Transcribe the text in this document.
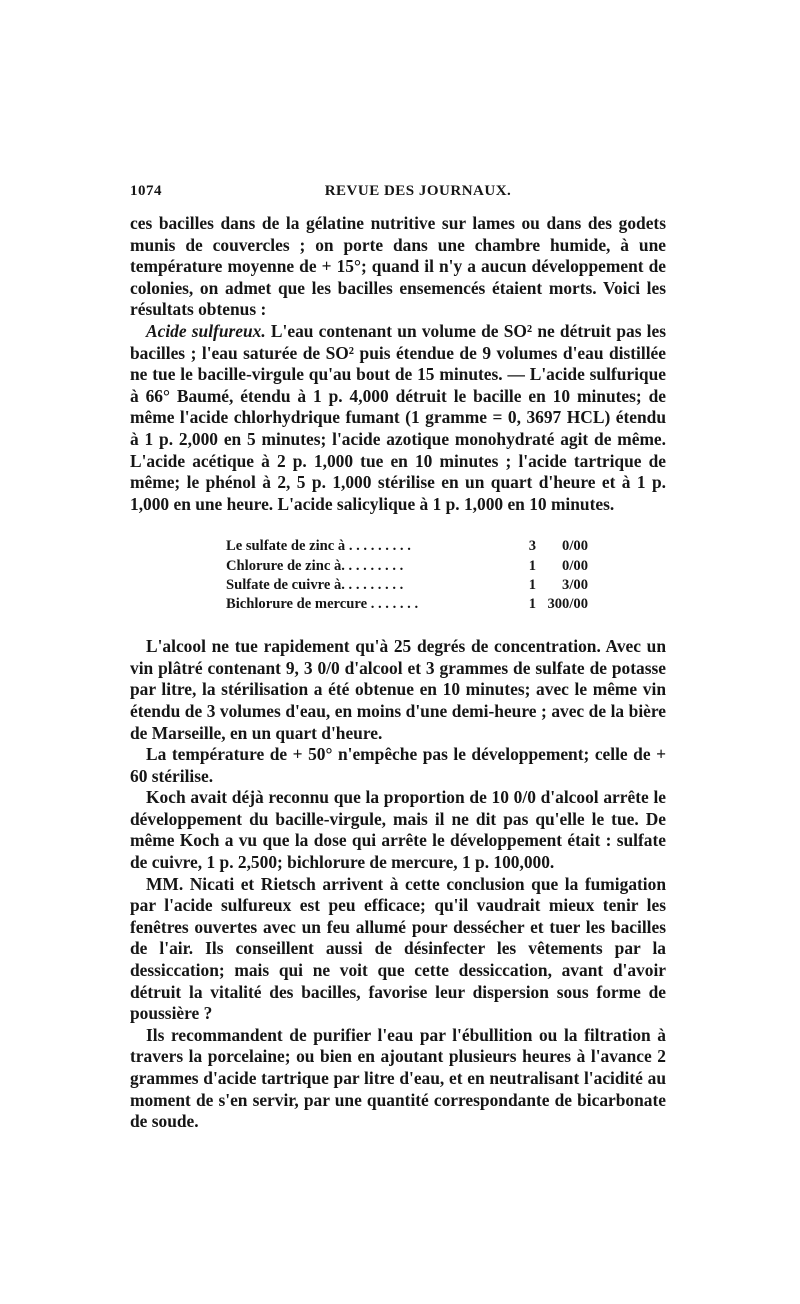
1074	REVUE DES JOURNAUX.

ces bacilles dans de la gélatine nutritive sur lames ou dans des godets munis de couvercles ; on porte dans une chambre humide, à une température moyenne de + 15°; quand il n'y a aucun développement de colonies, on admet que les bacilles ensemencés étaient morts. Voici les résultats obtenus :

Acide sulfureux. L'eau contenant un volume de SO² ne détruit pas les bacilles ; l'eau saturée de SO² puis étendue de 9 volumes d'eau distillée ne tue le bacille-virgule qu'au bout de 15 minutes. — L'acide sulfurique à 66° Baumé, étendu à 1 p. 4,000 détruit le bacille en 10 minutes; de même l'acide chlorhydrique fumant (1 gramme = 0, 3697 HCL) étendu à 1 p. 2,000 en 5 minutes; l'acide azotique monohydraté agit de même. L'acide acétique à 2 p. 1,000 tue en 10 minutes ; l'acide tartrique de même; le phénol à 2, 5 p. 1,000 stérilise en un quart d'heure et à 1 p. 1,000 en une heure. L'acide salicylique à 1 p. 1,000 en 10 minutes.

Le sulfate de zinc à . . . . . . . . .	3	0/00
Chlorure de zinc à. . . . . . . . .	1	0/00
Sulfate de cuivre à. . . . . . . . .	1	3/00
Bichlorure de mercure . . . . . . .	1 300/00

L'alcool ne tue rapidement qu'à 25 degrés de concentration. Avec un vin plâtré contenant 9, 3 0/0 d'alcool et 3 grammes de sulfate de potasse par litre, la stérilisation a été obtenue en 10 minutes; avec le même vin étendu de 3 volumes d'eau, en moins d'une demi-heure ; avec de la bière de Marseille, en un quart d'heure.

La température de + 50° n'empêche pas le développement; celle de + 60 stérilise.

Koch avait déjà reconnu que la proportion de 10 0/0 d'alcool arrête le développement du bacille-virgule, mais il ne dit pas qu'elle le tue. De même Koch a vu que la dose qui arrête le développement était : sulfate de cuivre, 1 p. 2,500; bichlorure de mercure, 1 p. 100,000.

MM. Nicati et Rietsch arrivent à cette conclusion que la fumigation par l'acide sulfureux est peu efficace; qu'il vaudrait mieux tenir les fenêtres ouvertes avec un feu allumé pour dessécher et tuer les bacilles de l'air. Ils conseillent aussi de désinfecter les vêtements par la dessiccation; mais qui ne voit que cette dessiccation, avant d'avoir détruit la vitalité des bacilles, favorise leur dispersion sous forme de poussière ?

Ils recommandent de purifier l'eau par l'ébullition ou la filtration à travers la porcelaine; ou bien en ajoutant plusieurs heures à l'avance 2 grammes d'acide tartrique par litre d'eau, et en neutralisant l'acidité au moment de s'en servir, par une quantité correspondante de bicarbonate de soude.
